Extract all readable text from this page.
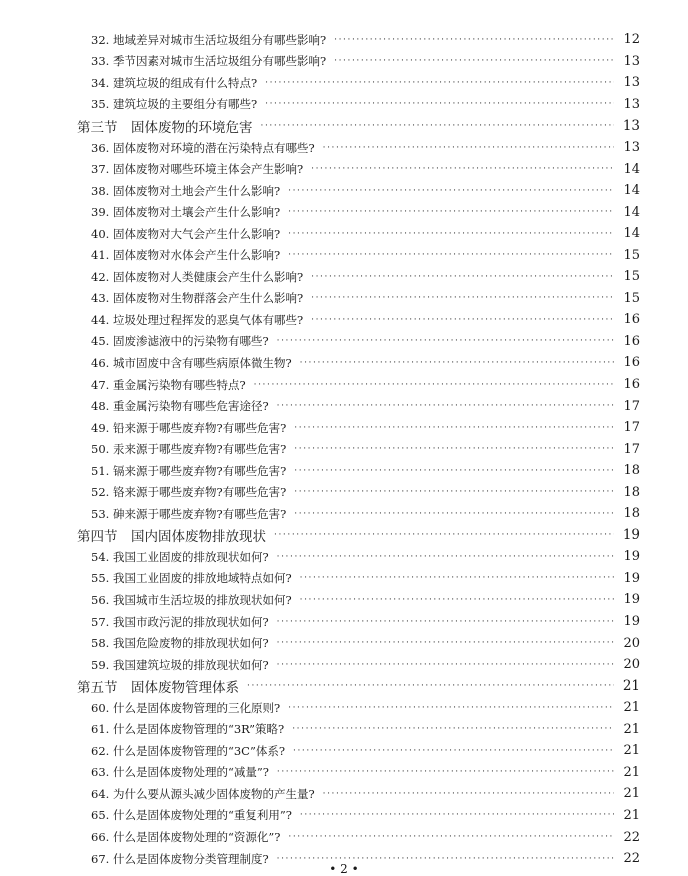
32. 地域差异对城市生活垃圾组分有哪些影响? ·····	12
33. 季节因素对城市生活垃圾组分有哪些影响? ·····	13
34. 建筑垃圾的组成有什么特点? ·····	13
35. 建筑垃圾的主要组分有哪些? ·····	13
第三节　固体废物的环境危害 ·····	13
36. 固体废物对环境的潜在污染特点有哪些? ·····	13
37. 固体废物对哪些环境主体会产生影响? ·····	14
38. 固体废物对土地会产生什么影响? ·····	14
39. 固体废物对土壤会产生什么影响? ·····	14
40. 固体废物对大气会产生什么影响? ·····	14
41. 固体废物对水体会产生什么影响? ·····	15
42. 固体废物对人类健康会产生什么影响? ·····	15
43. 固体废物对生物群落会产生什么影响? ·····	15
44. 垃圾处理过程挥发的恶臭气体有哪些? ·····	16
45. 固废渗滤液中的污染物有哪些? ·····	16
46. 城市固废中含有哪些病原体微生物? ·····	16
47. 重金属污染物有哪些特点? ·····	16
48. 重金属污染物有哪些危害途径? ·····	17
49. 铅来源于哪些废弃物?有哪些危害? ·····	17
50. 汞来源于哪些废弃物?有哪些危害? ·····	17
51. 镉来源于哪些废弃物?有哪些危害? ·····	18
52. 铬来源于哪些废弃物?有哪些危害? ·····	18
53. 砷来源于哪些废弃物?有哪些危害? ·····	18
第四节　国内固体废物排放现状 ·····	19
54. 我国工业固废的排放现状如何? ·····	19
55. 我国工业固废的排放地域特点如何? ·····	19
56. 我国城市生活垃圾的排放现状如何? ·····	19
57. 我国市政污泥的排放现状如何? ·····	19
58. 我国危险废物的排放现状如何? ·····	20
59. 我国建筑垃圾的排放现状如何? ·····	20
第五节　固体废物管理体系 ·····	21
60. 什么是固体废物管理的三化原则? ·····	21
61. 什么是固体废物管理的“3R”策略? ·····	21
62. 什么是固体废物管理的“3C”体系? ·····	21
63. 什么是固体废物处理的“减量”? ·····	21
64. 为什么要从源头减少固体废物的产生量? ·····	21
65. 什么是固体废物处理的“重复利用”? ·····	21
66. 什么是固体废物处理的“资源化”? ·····	22
67. 什么是固体废物分类管理制度? ·····	22
• 2 •
